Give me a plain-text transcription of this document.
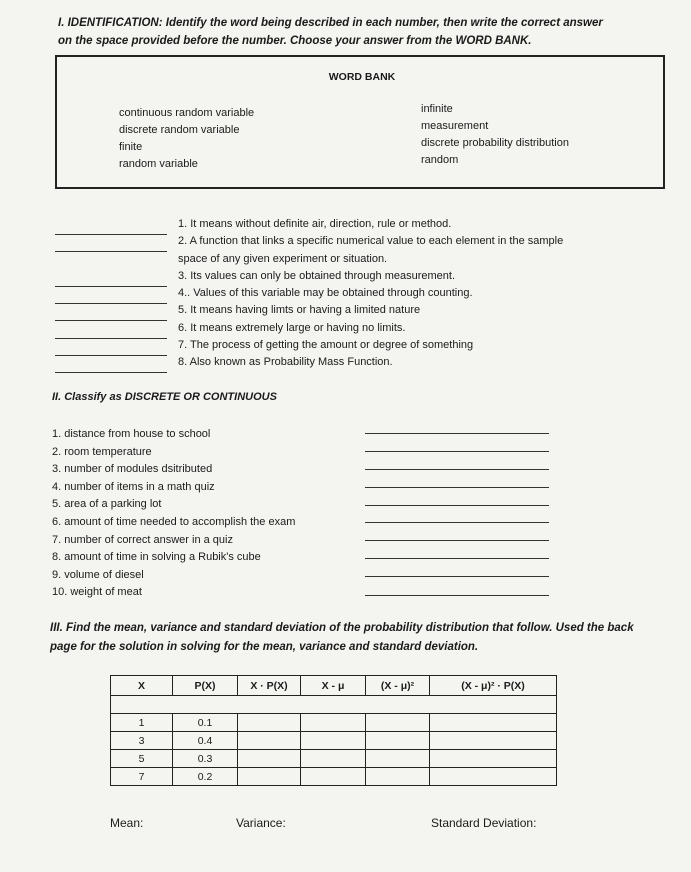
I. IDENTIFICATION: Identify the word being described in each number, then write the correct answer on the space provided before the number. Choose your answer from the WORD BANK.
WORD BANK
continuous random variable
discrete random variable
finite
random variable
infinite
measurement
discrete probability distribution
random
1. It means without definite air, direction, rule or method.
2. A function that links a specific numerical value to each element in the sample
space of any given experiment or situation.
3. Its values can only be obtained through measurement.
4.. Values of this variable may be obtained through counting.
5. It means having limts or having a limited nature
6. It means extremely large or having no limits.
7. The process of getting the amount or degree of something
8. Also known as Probability Mass Function.
II. Classify as DISCRETE OR CONTINUOUS
1. distance from house to school
2. room temperature
3. number of modules dsitributed
4. number of items in a math quiz
5. area of a parking lot
6. amount of time needed to accomplish the exam
7. number of correct answer in a quiz
8. amount of time in solving a Rubik's cube
9. volume of diesel
10. weight of meat
III. Find the mean, variance and standard deviation of the probability distribution that follow. Used the back page for the solution in solving for the mean, variance and standard deviation.
X	P(X)	X · P(X)	X - μ	(X - μ)²	(X - μ)² · P(X)

1	0.1				
3	0.4				
5	0.3				
7	0.2				
Mean:	Variance:	Standard Deviation:
